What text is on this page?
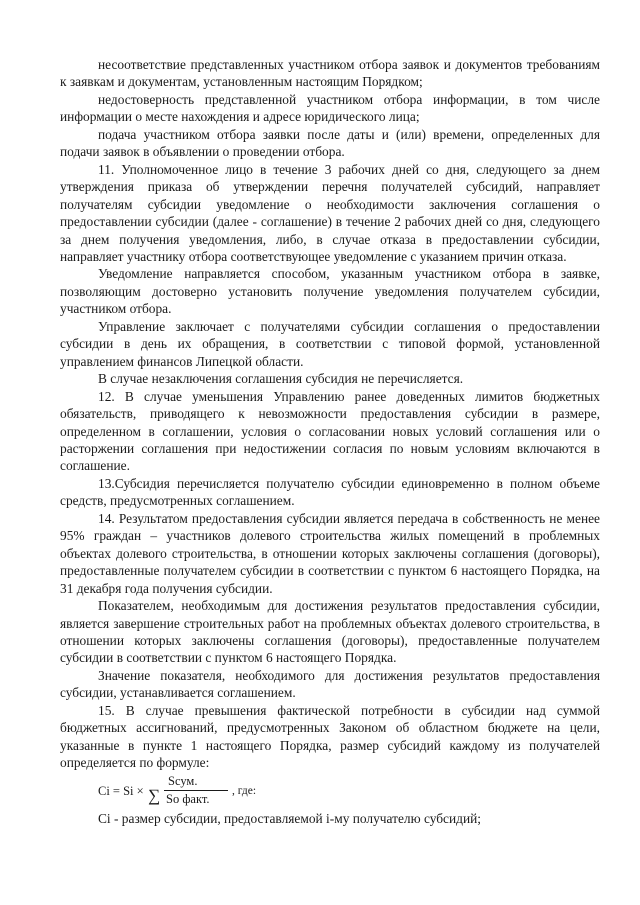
несоответствие представленных участником отбора заявок и документов требованиям к заявкам и документам, установленным настоящим Порядком;

недостоверность представленной участником отбора информации, в том числе информации о месте нахождения и адресе юридического лица;

подача участником отбора заявки после даты и (или) времени, определенных для подачи заявок в объявлении о проведении отбора.

11. Уполномоченное лицо в течение 3 рабочих дней со дня, следующего за днем утверждения приказа об утверждении перечня получателей субсидий, направляет получателям субсидии уведомление о необходимости заключения соглашения о предоставлении субсидии (далее - соглашение) в течение 2 рабочих дней со дня, следующего за днем получения уведомления, либо, в случае отказа в предоставлении субсидии, направляет участнику отбора соответствующее уведомление с указанием причин отказа.

Уведомление направляется способом, указанным участником отбора в заявке, позволяющим достоверно установить получение уведомления получателем субсидии, участником отбора.

Управление заключает с получателями субсидии соглашения о предоставлении субсидии в день их обращения, в соответствии с типовой формой, установленной управлением финансов Липецкой области.

В случае незаключения соглашения субсидия не перечисляется.

12. В случае уменьшения Управлению ранее доведенных лимитов бюджетных обязательств, приводящего к невозможности предоставления субсидии в размере, определенном в соглашении, условия о согласовании новых условий соглашения или о расторжении соглашения при недостижении согласия по новым условиям включаются в соглашение.

13.Субсидия перечисляется получателю субсидии единовременно в полном объеме средств, предусмотренных соглашением.

14. Результатом предоставления субсидии является передача в собственность не менее 95% граждан – участников долевого строительства жилых помещений в проблемных объектах долевого строительства, в отношении которых заключены соглашения (договоры), предоставленные получателем субсидии в соответствии с пунктом 6 настоящего Порядка, на 31 декабря года получения субсидии.

Показателем, необходимым для достижения результатов предоставления субсидии, является завершение строительных работ на проблемных объектах долевого строительства, в отношении которых заключены соглашения (договоры), предоставленные получателем субсидии в соответствии с пунктом 6 настоящего Порядка.

Значение показателя, необходимого для достижения результатов предоставления субсидии, устанавливается соглашением.

15. В случае превышения фактической потребности в субсидии над суммой бюджетных ассигнований, предусмотренных Законом об областном бюджете на цели, указанные в пункте 1 настоящего Порядка, размер субсидий каждому из получателей определяется по формуле:

Ci = Si ×
Sсум.
∑ So факт.
, где:

Сi - размер субсидии, предоставляемой i-му получателю субсидий;
